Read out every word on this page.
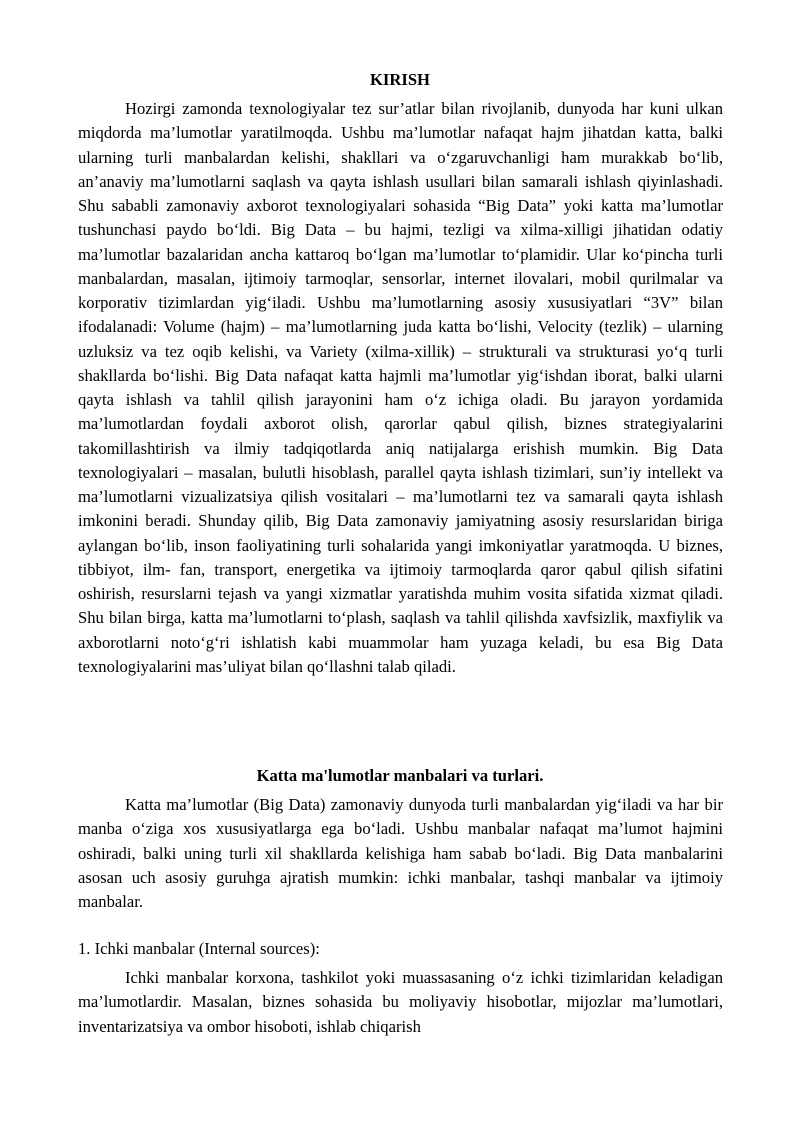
KIRISH

Hozirgi zamonda texnologiyalar tez sur’atlar bilan rivojlanib, dunyoda har kuni ulkan miqdorda ma’lumotlar yaratilmoqda. Ushbu ma’lumotlar nafaqat hajm jihatdan katta, balki ularning turli manbalardan kelishi, shakllari va o‘zgaruvchanligi ham murakkab bo‘lib, an’anaviy ma’lumotlarni saqlash va qayta ishlash usullari bilan samarali ishlash qiyinlashadi. Shu sababli zamonaviy axborot texnologiyalari sohasida “Big Data” yoki katta ma’lumotlar tushunchasi paydo bo‘ldi. Big Data – bu hajmi, tezligi va xilma-xilligi jihatidan odatiy ma’lumotlar bazalaridan ancha kattaroq bo‘lgan ma’lumotlar to‘plamidir. Ular ko‘pincha turli manbalardan, masalan, ijtimoiy tarmoqlar, sensorlar, internet ilovalari, mobil qurilmalar va korporativ tizimlardan yig‘iladi. Ushbu ma’lumotlarning asosiy xususiyatlari “3V” bilan ifodalanadi: Volume (hajm) – ma’lumotlarning juda katta bo‘lishi, Velocity (tezlik) – ularning uzluksiz va tez oqib kelishi, va Variety (xilma-xillik) – strukturali va strukturasi yo‘q turli shakllarda bo‘lishi. Big Data nafaqat katta hajmli ma’lumotlar yig‘ishdan iborat, balki ularni qayta ishlash va tahlil qilish jarayonini ham o‘z ichiga oladi. Bu jarayon yordamida ma’lumotlardan foydali axborot olish, qarorlar qabul qilish, biznes strategiyalarini takomillashtirish va ilmiy tadqiqotlarda aniq natijalarga erishish mumkin. Big Data texnologiyalari – masalan, bulutli hisoblash, parallel qayta ishlash tizimlari, sun’iy intellekt va ma’lumotlarni vizualizatsiya qilish vositalari – ma’lumotlarni tez va samarali qayta ishlash imkonini beradi. Shunday qilib, Big Data zamonaviy jamiyatning asosiy resurslaridan biriga aylangan bo‘lib, inson faoliyatining turli sohalarida yangi imkoniyatlar yaratmoqda. U biznes, tibbiyot, ilm- fan, transport, energetika va ijtimoiy tarmoqlarda qaror qabul qilish sifatini oshirish, resurslarni tejash va yangi xizmatlar yaratishda muhim vosita sifatida xizmat qiladi. Shu bilan birga, katta ma’lumotlarni to‘plash, saqlash va tahlil qilishda xavfsizlik, maxfiylik va axborotlarni noto‘g‘ri ishlatish kabi muammolar ham yuzaga keladi, bu esa Big Data texnologiyalarini mas’uliyat bilan qo‘llashni talab qiladi.

Katta ma'lumotlar manbalari va turlari.

Katta ma’lumotlar (Big Data) zamonaviy dunyoda turli manbalardan yig‘iladi va har bir manba o‘ziga xos xususiyatlarga ega bo‘ladi. Ushbu manbalar nafaqat ma’lumot hajmini oshiradi, balki uning turli xil shakllarda kelishiga ham sabab bo‘ladi. Big Data manbalarini asosan uch asosiy guruhga ajratish mumkin: ichki manbalar, tashqi manbalar va ijtimoiy manbalar.

1. Ichki manbalar (Internal sources):

Ichki manbalar korxona, tashkilot yoki muassasaning o‘z ichki tizimlaridan keladigan ma’lumotlardir. Masalan, biznes sohasida bu moliyaviy hisobotlar, mijozlar ma’lumotlari, inventarizatsiya va ombor hisoboti, ishlab chiqarish
